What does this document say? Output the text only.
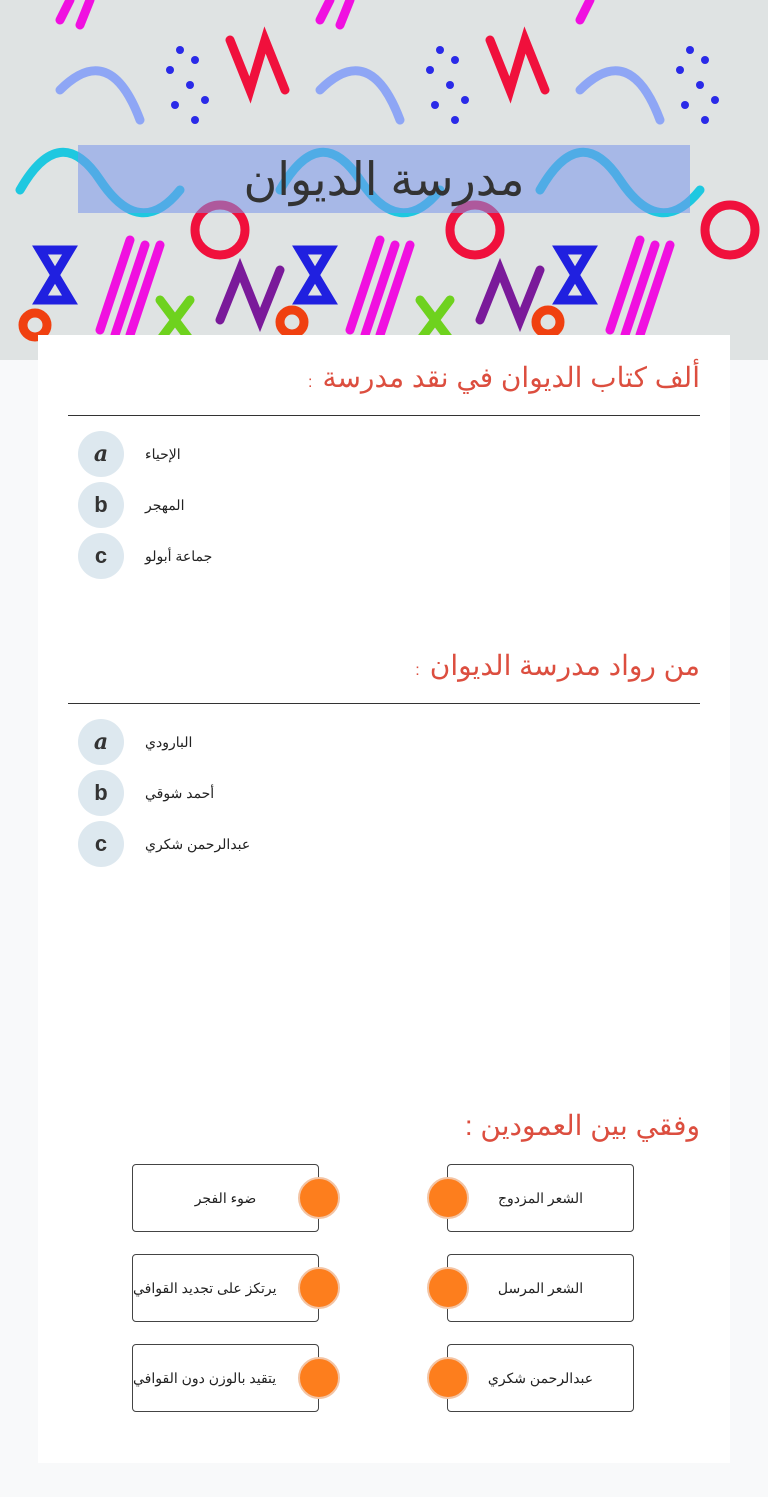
مدرسة الديوان
ألف كتاب الديوان في نقد مدرسة:
a	الإحياء
b	المهجر
c	جماعة أبولو
من رواد مدرسة الديوان:
a	البارودي
b	أحمد شوقي
c	عبدالرحمن شكري
وفقي بين العمودين :
ضوء الفجر
يرتكز على تجديد القوافي
يتقيد بالوزن دون القوافي
الشعر المزدوج
الشعر المرسل
عبدالرحمن شكري
